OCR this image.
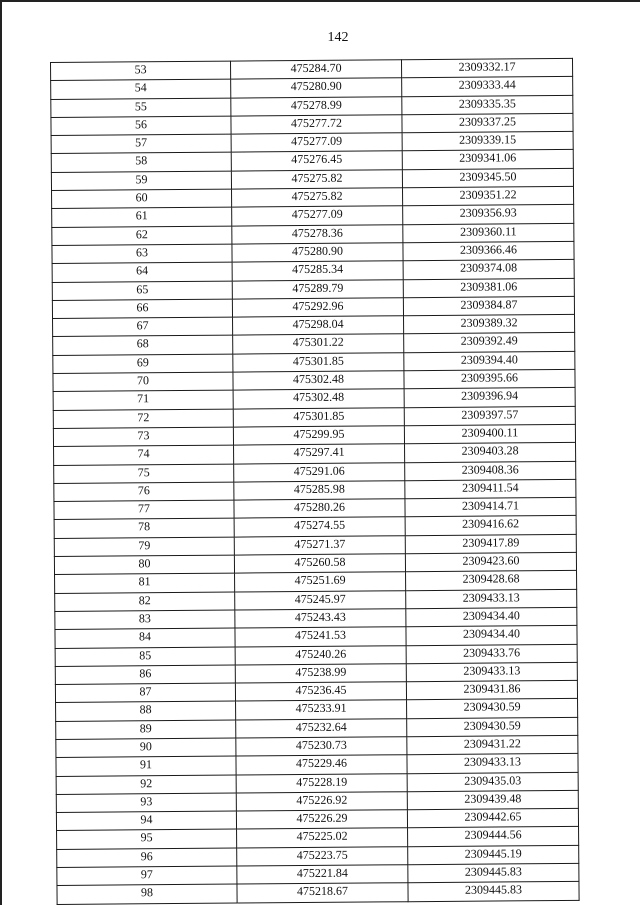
142
53	475284.70	2309332.17
54	475280.90	2309333.44
55	475278.99	2309335.35
56	475277.72	2309337.25
57	475277.09	2309339.15
58	475276.45	2309341.06
59	475275.82	2309345.50
60	475275.82	2309351.22
61	475277.09	2309356.93
62	475278.36	2309360.11
63	475280.90	2309366.46
64	475285.34	2309374.08
65	475289.79	2309381.06
66	475292.96	2309384.87
67	475298.04	2309389.32
68	475301.22	2309392.49
69	475301.85	2309394.40
70	475302.48	2309395.66
71	475302.48	2309396.94
72	475301.85	2309397.57
73	475299.95	2309400.11
74	475297.41	2309403.28
75	475291.06	2309408.36
76	475285.98	2309411.54
77	475280.26	2309414.71
78	475274.55	2309416.62
79	475271.37	2309417.89
80	475260.58	2309423.60
81	475251.69	2309428.68
82	475245.97	2309433.13
83	475243.43	2309434.40
84	475241.53	2309434.40
85	475240.26	2309433.76
86	475238.99	2309433.13
87	475236.45	2309431.86
88	475233.91	2309430.59
89	475232.64	2309430.59
90	475230.73	2309431.22
91	475229.46	2309433.13
92	475228.19	2309435.03
93	475226.92	2309439.48
94	475226.29	2309442.65
95	475225.02	2309444.56
96	475223.75	2309445.19
97	475221.84	2309445.83
98	475218.67	2309445.83
